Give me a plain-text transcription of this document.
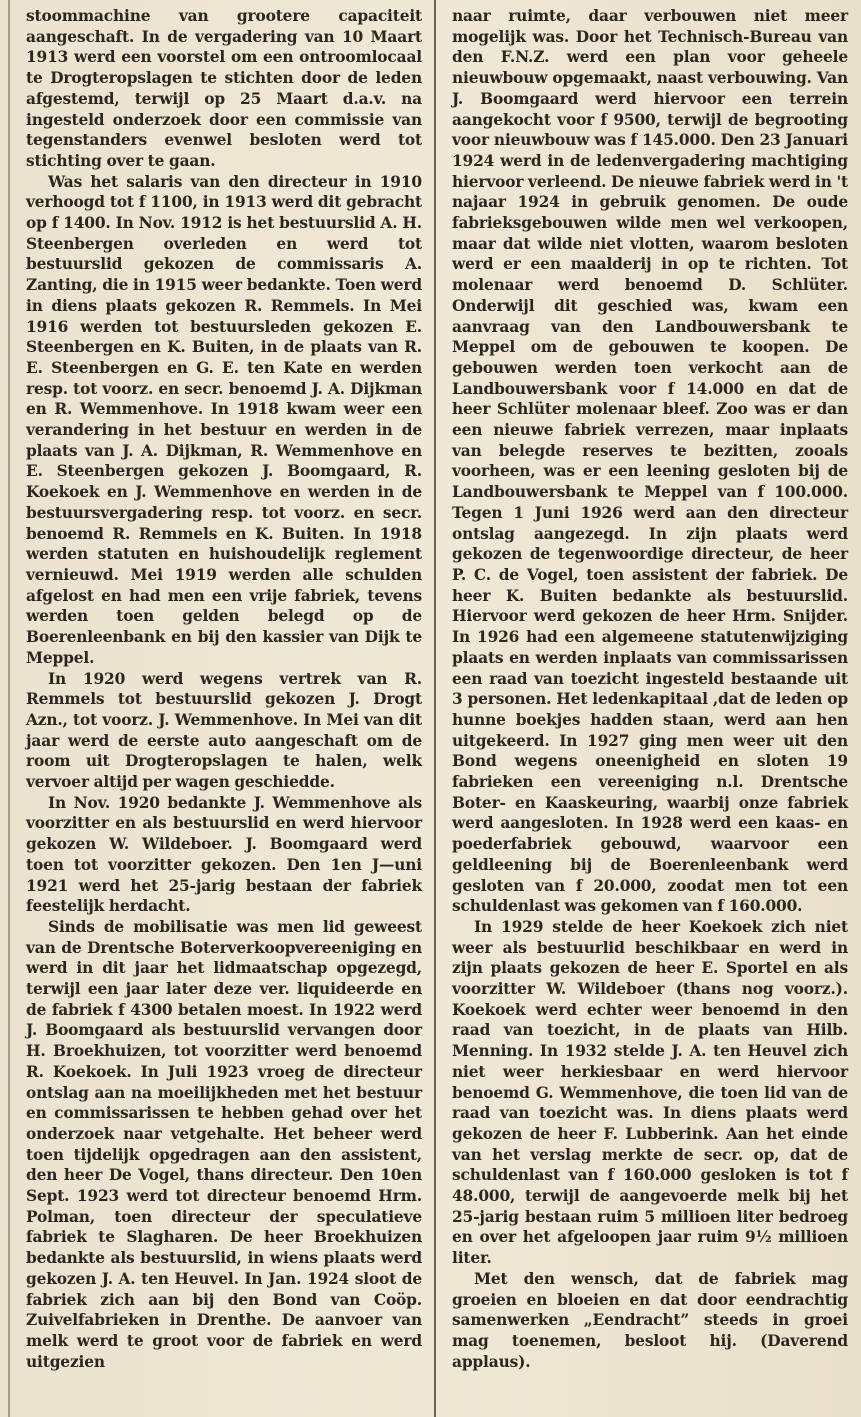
stoommachine van grootere capaciteit aangeschaft. In de vergadering van 10 Maart 1913 werd een voorstel om een ontroomlocaal te Drogteropslagen te stichten door de leden afgestemd, terwijl op 25 Maart d.a.v. na ingesteld onderzoek door een commissie van tegenstanders evenwel besloten werd tot stichting over te gaan.

Was het salaris van den directeur in 1910 verhoogd tot f 1100, in 1913 werd dit gebracht op f 1400. In Nov. 1912 is het bestuurslid A. H. Steenbergen overleden en werd tot bestuurslid gekozen de commissaris A. Zanting, die in 1915 weer bedankte. Toen werd in diens plaats gekozen R. Remmels. In Mei 1916 werden tot bestuursleden gekozen E. Steenbergen en K. Buiten, in de plaats van R. E. Steenbergen en G. E. ten Kate en werden resp. tot voorz. en secr. benoemd J. A. Dijkman en R. Wemmenhove. In 1918 kwam weer een verandering in het bestuur en werden in de plaats van J. A. Dijkman, R. Wemmenhove en E. Steenbergen gekozen J. Boomgaard, R. Koekoek en J. Wemmenhove en werden in de bestuursvergadering resp. tot voorz. en secr. benoemd R. Remmels en K. Buiten. In 1918 werden statuten en huishoudelijk reglement vernieuwd. Mei 1919 werden alle schulden afgelost en had men een vrije fabriek, tevens werden toen gelden belegd op de Boerenleenbank en bij den kassier van Dijk te Meppel.

In 1920 werd wegens vertrek van R. Remmels tot bestuurslid gekozen J. Drogt Azn., tot voorz. J. Wemmenhove. In Mei van dit jaar werd de eerste auto aangeschaft om de room uit Drogteropslagen te halen, welk vervoer altijd per wagen geschiedde.

In Nov. 1920 bedankte J. Wemmenhove als voorzitter en als bestuurslid en werd hiervoor gekozen W. Wildeboer. J. Boomgaard werd toen tot voorzitter gekozen. Den 1en J—uni 1921 werd het 25-jarig bestaan der fabriek feestelijk herdacht.

Sinds de mobilisatie was men lid geweest van de Drentsche Boterverkoopvereeniging en werd in dit jaar het lidmaatschap opgezegd, terwijl een jaar later deze ver. liquideerde en de fabriek f 4300 betalen moest. In 1922 werd J. Boomgaard als bestuurslid vervangen door H. Broekhuizen, tot voorzitter werd benoemd R. Koekoek. In Juli 1923 vroeg de directeur ontslag aan na moeilijkheden met het bestuur en commissarissen te hebben gehad over het onderzoek naar vetgehalte. Het beheer werd toen tijdelijk opgedragen aan den assistent, den heer De Vogel, thans directeur. Den 10en Sept. 1923 werd tot directeur benoemd Hrm. Polman, toen directeur der speculatieve fabriek te Slagharen. De heer Broekhuizen bedankte als bestuurslid, in wiens plaats werd gekozen J. A. ten Heuvel. In Jan. 1924 sloot de fabriek zich aan bij den Bond van Coöp. Zuivelfabrieken in Drenthe. De aanvoer van melk werd te groot voor de fabriek en werd uitgezien

naar ruimte, daar verbouwen niet meer mogelijk was. Door het Technisch-Bureau van den F.N.Z. werd een plan voor geheele nieuwbouw opgemaakt, naast verbouwing. Van J. Boomgaard werd hiervoor een terrein aangekocht voor f 9500, terwijl de begrooting voor nieuwbouw was f 145.000. Den 23 Januari 1924 werd in de ledenvergadering machtiging hiervoor verleend. De nieuwe fabriek werd in 't najaar 1924 in gebruik genomen. De oude fabrieksgebouwen wilde men wel verkoopen, maar dat wilde niet vlotten, waarom besloten werd er een maalderij in op te richten. Tot molenaar werd benoemd D. Schlüter. Onderwijl dit geschied was, kwam een aanvraag van den Landbouwersbank te Meppel om de gebouwen te koopen. De gebouwen werden toen verkocht aan de Landbouwersbank voor f 14.000 en dat de heer Schlüter molenaar bleef. Zoo was er dan een nieuwe fabriek verrezen, maar inplaats van belegde reserves te bezitten, zooals voorheen, was er een leening gesloten bij de Landbouwersbank te Meppel van f 100.000. Tegen 1 Juni 1926 werd aan den directeur ontslag aangezegd. In zijn plaats werd gekozen de tegenwoordige directeur, de heer P. C. de Vogel, toen assistent der fabriek. De heer K. Buiten bedankte als bestuurslid. Hiervoor werd gekozen de heer Hrm. Snijder. In 1926 had een algemeene statutenwijziging plaats en werden inplaats van commissarissen een raad van toezicht ingesteld bestaande uit 3 personen. Het ledenkapitaal ,dat de leden op hunne boekjes hadden staan, werd aan hen uitgekeerd. In 1927 ging men weer uit den Bond wegens oneenigheid en sloten 19 fabrieken een vereeniging n.l. Drentsche Boter- en Kaaskeuring, waarbij onze fabriek werd aangesloten. In 1928 werd een kaas- en poederfabriek gebouwd, waarvoor een geldleening bij de Boerenleenbank werd gesloten van f 20.000, zoodat men tot een schuldenlast was gekomen van f 160.000.

In 1929 stelde de heer Koekoek zich niet weer als bestuurlid beschikbaar en werd in zijn plaats gekozen de heer E. Sportel en als voorzitter W. Wildeboer (thans nog voorz.). Koekoek werd echter weer benoemd in den raad van toezicht, in de plaats van Hilb. Menning. In 1932 stelde J. A. ten Heuvel zich niet weer herkiesbaar en werd hiervoor benoemd G. Wemmenhove, die toen lid van de raad van toezicht was. In diens plaats werd gekozen de heer F. Lubberink. Aan het einde van het verslag merkte de secr. op, dat de schuldenlast van f 160.000 gesloken is tot f 48.000, terwijl de aangevoerde melk bij het 25-jarig bestaan ruim 5 millioen liter bedroeg en over het afgeloopen jaar ruim 9½ millioen liter.

Met den wensch, dat de fabriek mag groeien en bloeien en dat door eendrachtig samenwerken „Eendracht” steeds in groei mag toenemen, besloot hij. (Daverend applaus).
